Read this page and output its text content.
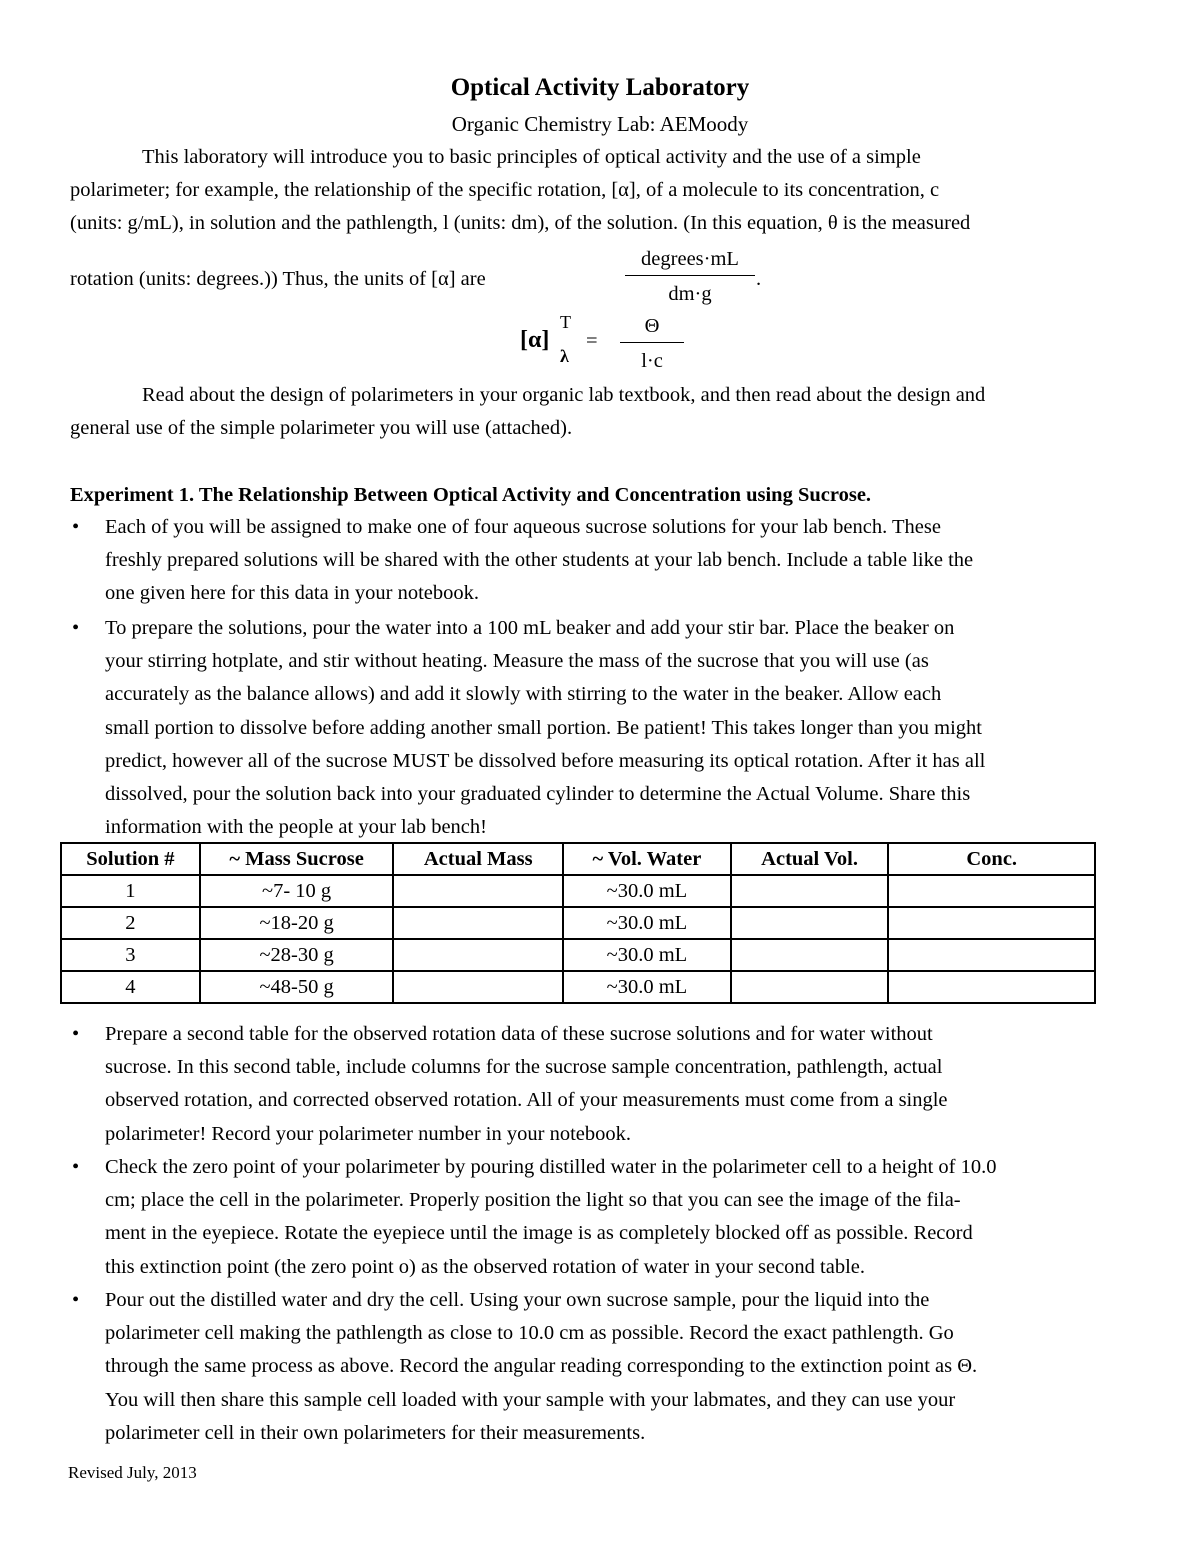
Optical Activity Laboratory
Organic Chemistry Lab: AEMoody
This laboratory will introduce you to basic principles of optical activity and the use of a simple
polarimeter; for example, the relationship of the specific rotation, [α], of a molecule to its concentration, c
(units: g/mL), in solution and the pathlength, l (units: dm), of the solution. (In this equation, θ is the measured
rotation (units: degrees.)) Thus, the units of [α] are
degrees·mL
dm·g
.
[α]
T
λ
=
Θ
l·c
Read about the design of polarimeters in your organic lab textbook, and then read about the design and
general use of the simple polarimeter you will use (attached).
Experiment 1. The Relationship Between Optical Activity and Concentration using Sucrose.
• Each of you will be assigned to make one of four aqueous sucrose solutions for your lab bench. These
freshly prepared solutions will be shared with the other students at your lab bench. Include a table like the
one given here for this data in your notebook.
• To prepare the solutions, pour the water into a 100 mL beaker and add your stir bar. Place the beaker on
your stirring hotplate, and stir without heating. Measure the mass of the sucrose that you will use (as
accurately as the balance allows) and add it slowly with stirring to the water in the beaker. Allow each
small portion to dissolve before adding another small portion. Be patient! This takes longer than you might
predict, however all of the sucrose MUST be dissolved before measuring its optical rotation. After it has all
dissolved, pour the solution back into your graduated cylinder to determine the Actual Volume. Share this
information with the people at your lab bench!
Solution #	~ Mass Sucrose	Actual Mass	~ Vol. Water	Actual Vol.	Conc.
1	~7- 10 g		~30.0 mL		
2	~18-20 g		~30.0 mL		
3	~28-30 g		~30.0 mL		
4	~48-50 g		~30.0 mL		
• Prepare a second table for the observed rotation data of these sucrose solutions and for water without
sucrose. In this second table, include columns for the sucrose sample concentration, pathlength, actual
observed rotation, and corrected observed rotation. All of your measurements must come from a single
polarimeter! Record your polarimeter number in your notebook.
• Check the zero point of your polarimeter by pouring distilled water in the polarimeter cell to a height of 10.0
cm; place the cell in the polarimeter. Properly position the light so that you can see the image of the fila-
ment in the eyepiece. Rotate the eyepiece until the image is as completely blocked off as possible. Record
this extinction point (the zero point o) as the observed rotation of water in your second table.
• Pour out the distilled water and dry the cell. Using your own sucrose sample, pour the liquid into the
polarimeter cell making the pathlength as close to 10.0 cm as possible. Record the exact pathlength. Go
through the same process as above. Record the angular reading corresponding to the extinction point as Θ.
You will then share this sample cell loaded with your sample with your labmates, and they can use your
polarimeter cell in their own polarimeters for their measurements.
Revised July, 2013
